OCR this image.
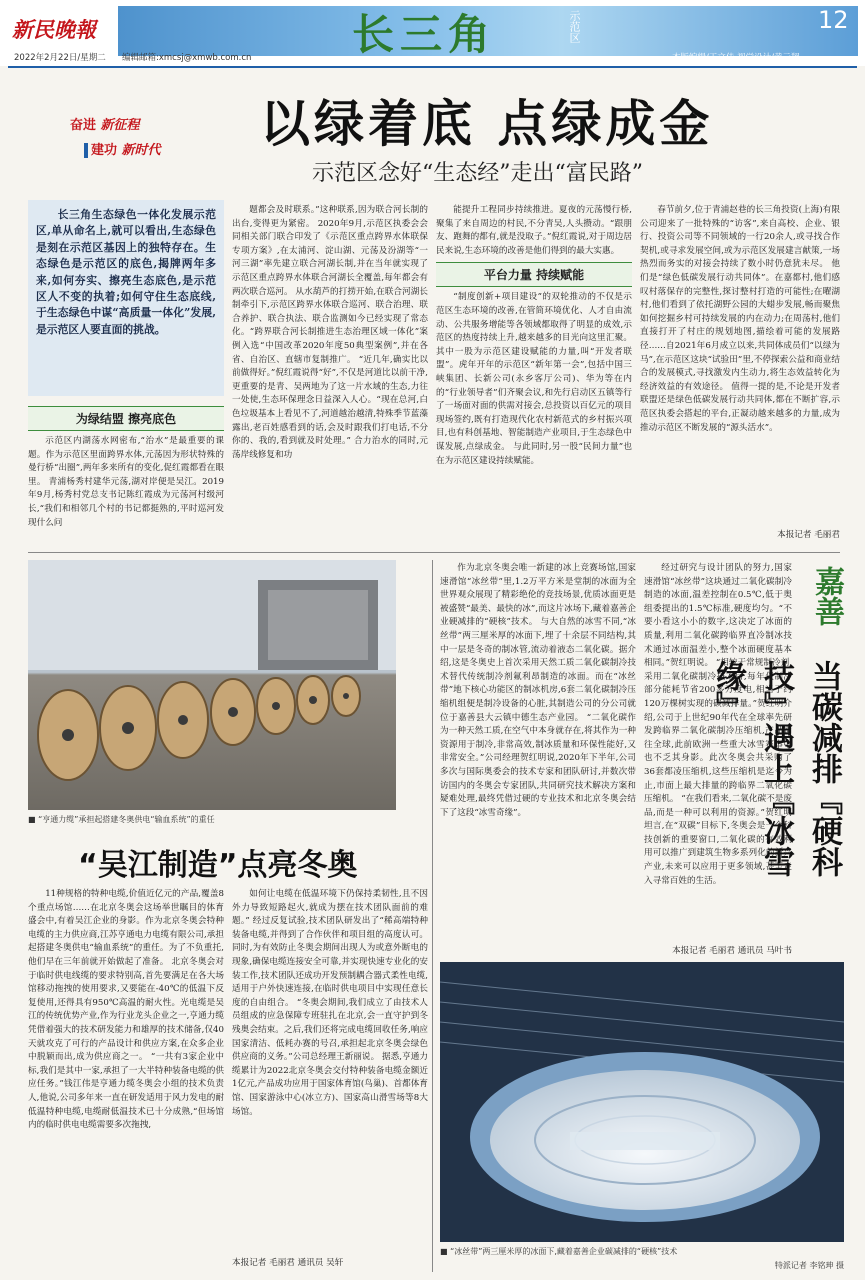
新民晚報	长三角	示范区	12
2022年2月22日/星期二 编辑邮箱:xmcsj@xmwb.com.cn	本版编辑/王文佳 视觉设计/黄云翔
奋进 新征程
建功 新时代	以绿着底 点绿成金
示范区念好“生态经”走出“富民路”

长三角生态绿色一体化发展示范区,单从命名上,就可以看出,生态绿色是刻在示范区基因上的独特存在。生态绿色是示范区的底色,揭牌两年多来,如何夯实、擦亮生态底色,是示范区人不变的执着;如何守住生态底线,于生态绿色中谋“高质量一体化”发展,是示范区人要直面的挑战。

为绿结盟 擦亮底色

示范区内湖荡水网密布,“治水”是最重要的课题。作为示范区里面跨界水体,元荡因为形状特殊的曼行桥“出圈”,两年多来所有的变化,促红霞都看在眼里。 青浦杨秀村建华元荡,湖对岸便是吴江。2019年9月,杨秀村党总支书记陈红霞成为元荡河村级河长,“我们和相邻几个村的书记都挺熟的,平时巡河发现什么问

题都会及时联系。”这种联系,因为联合河长制的出台,变得更为紧密。 2020年9月,示范区执委会会同相关部门联合印发了《示范区重点跨界水体联保专项方案》,在太浦河、淀山湖、元荡及汾湖等“一河三湖”率先建立联合河湖长制,并在当年就实现了示范区重点跨界水体联合河湖长全覆盖,每年都会有两次联合巡河。 从水葫芦的打捞开始,在联合河湖长制牵引下,示范区跨界水体联合巡河、联合治理、联合养护、联合执法、联合监测如今已经实现了常态化。“跨界联合河长制推进生态治理区域一体化”案例入选“中国改革2020年度50典型案例”,并在各省、自治区、直辖市复制推广。 “近几年,确实比以前做得好。”倪红霞说得“好”,不仅是河道比以前干净,更重要的是青、吴两地为了这一片水域的生态,力往一处使,生态环保理念日益深入人心。“现在总河,白色垃圾基本上看见不了,河道越治越清,特殊季节蓝藻露出,老百姓感看到的话,会及时跟我们打电话,不分你的、我的,看到就及时处理。” 合力治水的同时,元荡岸线修复和功

能提升工程同步持续推进。夏夜的元荡慢行桥,聚集了来自周边的村民,不分青吴,人头攒动。“跟朋友、跑舞的都有,就是没取子。”倪红霞说,对于周边居民来说,生态环境的改善是他们得到的最大实惠。

平台力量 持续赋能

“制度创新+项目建设”的双轮推动的不仅是示范区生态环境的改善,在管简环境优化、人才自由流动、公共服务增能等各领域都取得了明显的成效,示范区的热度持续上升,越来越多的目光向这里汇聚。 其中一股为示范区建设赋能的力量,叫“开发者联盟”。虎年开年的示范区“新年第一会”,包括中国三峡集团、长新公司(永乡客厅公司)、华为等在内的“行业领导者”们齐聚会议,和先行启动区五镇等行了一场面对面的供需对接会,总投资以百亿元的项目现场签约,既有打造现代化农村新范式的乡村振兴项目,也有科创基地、智能制造产业项目,于生态绿色中谋发展,点绿成金。 与此同时,另一股“民间力量”也在为示范区建设持续赋能。

春节前夕,位于青浦赵巷的长三角投资(上海)有限公司迎来了一批特殊的“访客”,来自高校、企业、银行、投资公司等不同领域的一行20余人,或寻找合作契机,或寻求发展空间,或为示范区发展建言献策,一场热烈而务实的对接会持续了数小时仍意犹未尽。 他们是“绿色低碳发展行动共同体”。在嘉都村,他们感叹村落保存的完整性,探讨整村打造的可能性;在曜湖村,他们看到了依托湖野公园的大蜡步发展,畅而聚焦如何挖掘乡村可持续发展的内在动力;在周荡村,他们直接打开了村庄的规划地图,描绘着可能的发展路径……自2021年6月成立以来,共同体成员们“以绿为马”,在示范区这块“试验田”里,不停探索公益和商业结合的发展模式,寻找激发内生动力,将生态效益转化为经济效益的有效途径。 值得一提的是,不论是开发者联盟还是绿色低碳发展行动共同体,都在不断扩容,示范区执委会搭起的平台,正凝动越来越多的力量,成为推动示范区不断发展的“源头活水”。

本报记者 毛丽君
■ “亨通力缆”承担起搭建冬奥供电“输血系统”的重任
“吴江制造”点亮冬奥

11种规格的特种电缆,价值近亿元的产品,覆盖8个重点场馆……在北京冬奥会这场举世瞩目的体育盛会中,有着吴江企业的身影。作为北京冬奥会特种电缆的主力供应商,江苏亨通电力电缆有限公司,承担起搭建冬奥供电“输血系统”的重任。为了不负重托,他们早在三年前就开始做起了准备。 北京冬奥会对于临时供电线缆的要求特别高,首先要满足在各大场馆移动拖拽的使用要求,又要能在-40℃的低温下反复使用,还得具有950℃高温的耐火性。光电缆是吴江的传统优势产业,作为行业龙头企业之一,亨通力缆凭借着强大的技术研发能力和雄厚的技术储备,仅40天就攻克了可行的产品设计和供应方案,在众多企业中脱颖而出,成为供应商之一。 “一共有3家企业中标,我们是其中一家,承担了一大半特种装备电缆的供应任务。”钱江伟是亨通力缆冬奥会小组的技术负责人,他说,公司多年来一直在研发适用于风力发电的耐低温特种电缆,电缆耐低温技术已十分成熟,“但场馆内的临时供电电缆需要多次拖拽,

如何让电缆在低温环境下仍保持柔韧性,且不因外力导致短路起火,就成为摆在技术团队面前的难题。” 经过反复试验,技术团队研发出了“稀高端特种装备电缆,并得到了合作伙伴和项目组的高度认可。同时,为有效防止冬奥会期间出现人为或意外断电的现象,确保电缆连接安全可靠,并实现快速专业化的安装工作,技术团队还成功开发预制耦合器式柔性电缆,适用于户外快速连接,在临时供电项目中实现任意长度的自由组合。 “冬奥会期间,我们成立了由技术人员组成的应急保障专班驻扎在北京,会一直守护到冬残奥会结束。之后,我们还将完成电缆回收任务,响应国家清洁、低耗办赛的号召,承担起北京冬奥会绿色供应商的义务。”公司总经理王新丽说。 据悉,亨通力缆累计为2022北京冬奥会交付特种装备电缆金额近1亿元,产品成功应用于国家体育馆(鸟巢)、首都体育馆、国家游泳中心(冰立方)、国家高山滑雪场等8大场馆。

本报记者 毛丽君 通讯员 吴轩

作为北京冬奥会唯一新建的冰上竞赛场馆,国家速滑馆“冰丝带”里,1.2万平方米是堂制的冰面为全世界观众展现了精彩绝伦的竞技场景,优质冰面更是被盛赞“最美、最快的冰”,而这片冰场下,藏着嘉善企业硬减排的“硬核”技术。 与大自然的冰雪不同,“冰丝带”两三厘米厚的冰面下,埋了十余层不同结构,其中一层是冬奇的制冰管,流动着液态二氧化碳。据介绍,这是冬奥史上首次采用天然工质二氧化碳制冷技术替代传统制冷剂氟利昂制造的冰面。而在“冰丝带”地下核心功能区的制冰机房,6套二氧化碳制冷压缩机组便是制冷设备的心脏,其制造公司的分公司就位于嘉善县大云镇中德生态产业园。 “二氧化碳作为一种天然工质,在空气中本身就存在,将其作为一种资源用于制冷,非常高效,制冰质量和环保性能好,又非常安全。”公司经理贺红明说,2020年下半年,公司多次与国际奥委会的技术专家和团队研讨,并数次带访国内的冬奥会专家团队,共同研究技术解决方案和疑难处理,最终凭借过硬的专业技术和北京冬奥会结下了这段“冰雪奇缘”。

经过研究与设计团队的努力,国家速滑馆“冰丝带”这块通过二氧化碳制冷制造的冰面,温差控制在0.5℃,低于奥组委提出的1.5℃标准,硬度均匀。“不要小看这小小的数字,这决定了冰面的质量,利用二氧化碳跨临界直冷制冰技术通过冰面温差小,整个冰面硬度基本相同。”贺红明说。 “相较于常规制冷剂,采用二氧化碳制冷技术后,每年仅制冷部分能耗节省200多万度电,相当于约120万棵树实现的碳减排量。”贺红明介绍,公司于上世纪90年代在全球率先研发跨临界二氧化碳制冷压缩机,产品销往全球,此前欧洲一些重大冰雪赛事中也不乏其身影。此次冬奥会共采购了36套都凌压缩机,这些压缩机是迄今为止,市面上最大排量的跨临界二氧化碳压缩机。 “在我们看来,二氧化碳不是废品,而是一种可以利用的资源。”贺红明坦言,在“双碳”目标下,冬奥会是一个科技创新的重要窗口,二氧化碳的有效利用可以推广到建筑生物多系列化的新兴产业,未来可以应用于更多领域,甚至走入寻常百姓的生活。

本报记者 毛丽君 通讯员 马叶书
嘉善
当碳减排『硬科技』遇上『冰雪缘』
■ “冰丝带”两三厘米厚的冰面下,藏着嘉善企业碳减排的“硬核”技术
特派记者 李铭珅 摄
